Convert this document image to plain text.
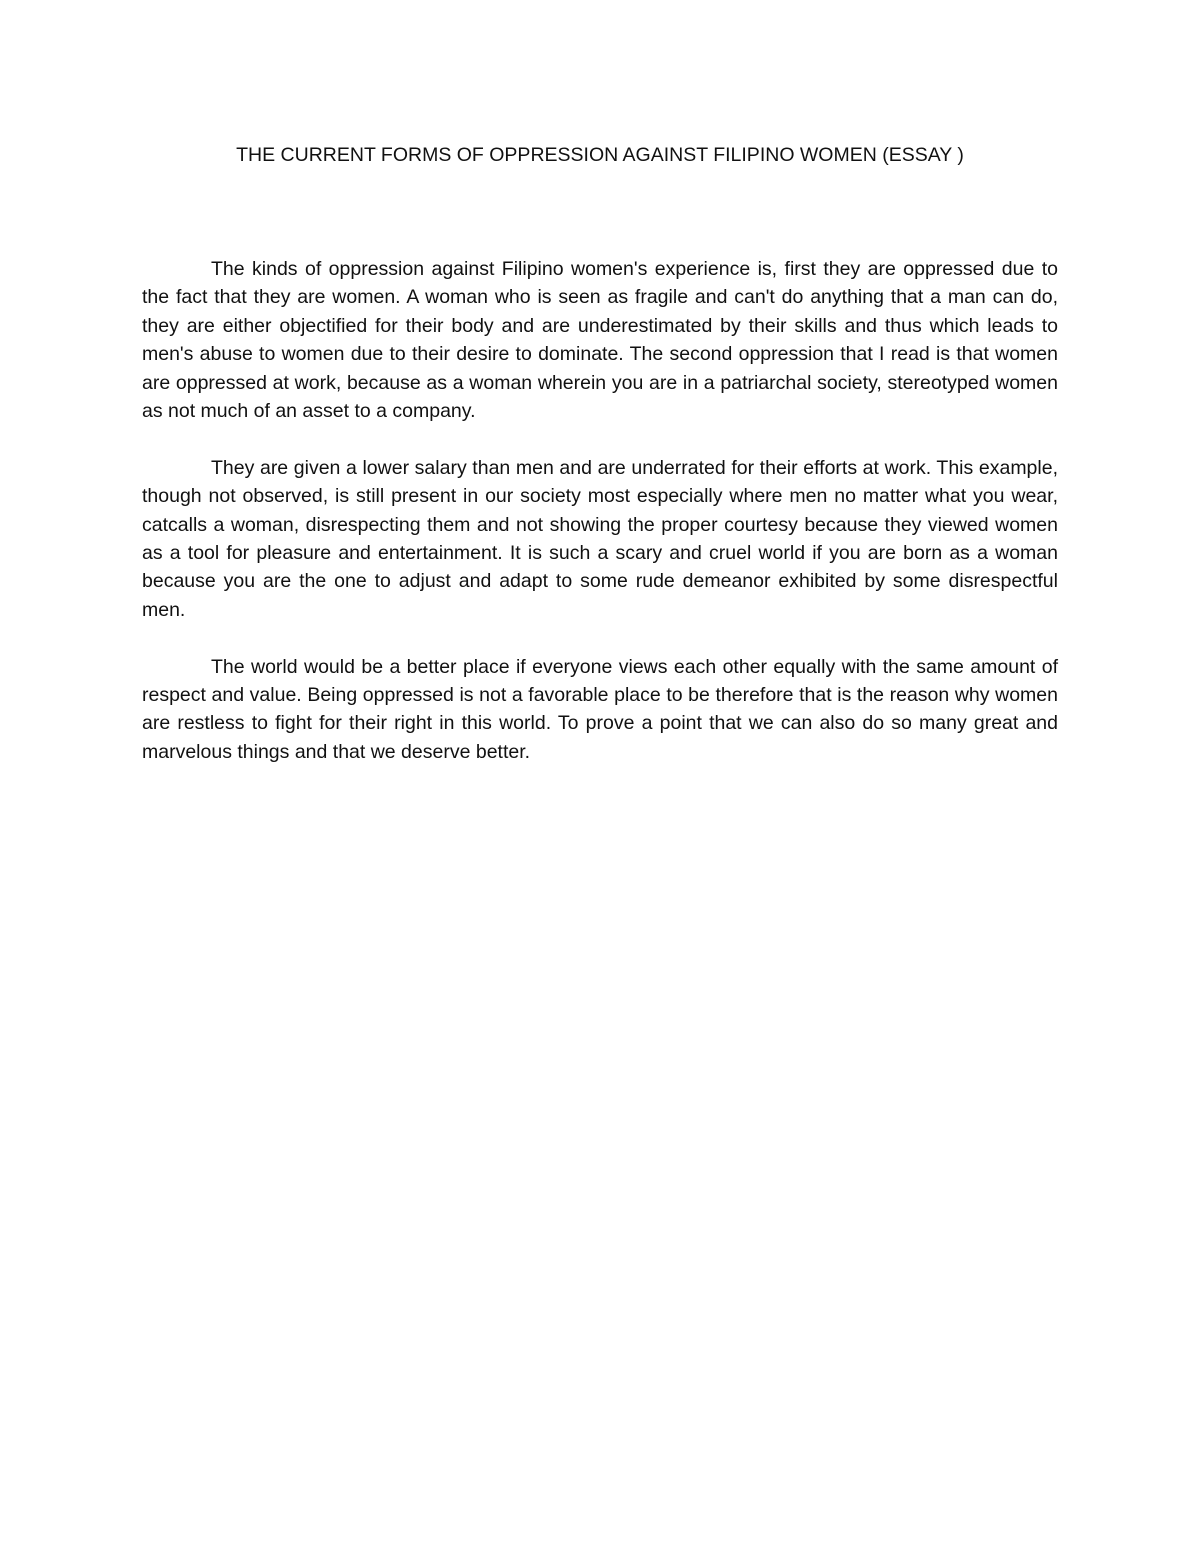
THE CURRENT FORMS OF OPPRESSION AGAINST FILIPINO WOMEN (ESSAY )

The kinds of oppression against Filipino women's experience is, first they are oppressed due to the fact that they are women. A woman who is seen as fragile and can't do anything that a man can do, they are either objectified for their body and are underestimated by their skills and thus which leads to men's abuse to women due to their desire to dominate. The second oppression that I read is that women are oppressed at work, because as a woman wherein you are in a patriarchal society, stereotyped women as not much of an asset to a company.

They are given a lower salary than men and are underrated for their efforts at work. This example, though not observed, is still present in our society most especially where men no matter what you wear, catcalls a woman, disrespecting them and not showing the proper courtesy because they viewed women as a tool for pleasure and entertainment. It is such a scary and cruel world if you are born as a woman because you are the one to adjust and adapt to some rude demeanor exhibited by some disrespectful men.

The world would be a better place if everyone views each other equally with the same amount of respect and value. Being oppressed is not a favorable place to be therefore that is the reason why women are restless to fight for their right in this world. To prove a point that we can also do so many great and marvelous things and that we deserve better.
